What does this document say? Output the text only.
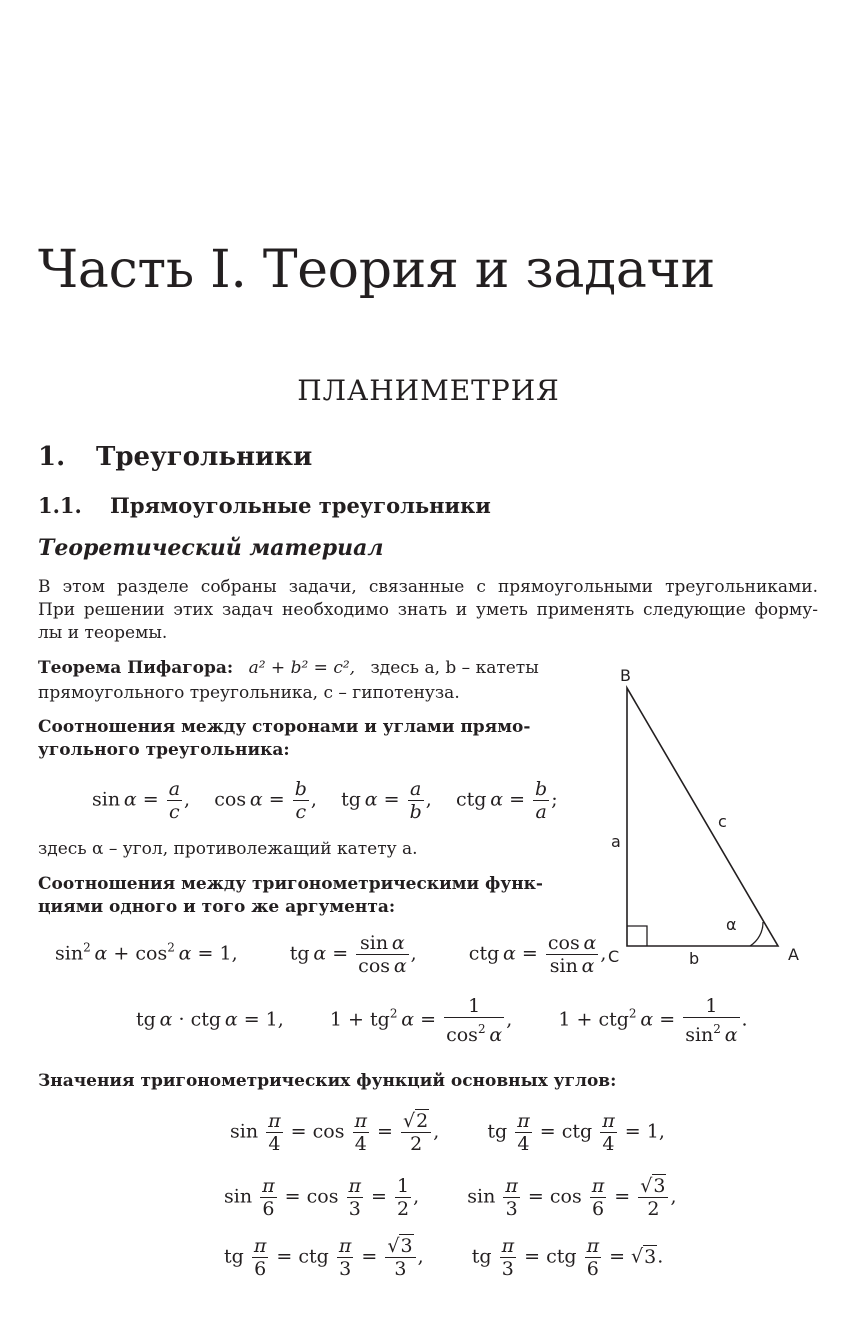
Часть I. Теория и задачи
ПЛАНИМЕТРИЯ
1. Треугольники
1.1. Прямоугольные треугольники
Теоретический материал
В этом разделе собраны задачи, связанные с прямоугольными треугольниками.
При решении этих задач необходимо знать и уметь применять следующие форму-
лы и теоремы.
Теорема Пифагора: a² + b² = c², здесь a, b – катеты
прямоугольного треугольника, c – гипотенуза.
Соотношения между сторонами и углами прямо-
угольного треугольника:
$\sin \alpha = \frac{a}{c}$ ,    $\cos \alpha = \frac{b}{c}$ ,    tg  $\alpha = \frac{a}{b}$ ,    ctg  $\alpha = \frac{b}{a}$ ;
здесь α – угол, противолежащий катету a.
Соотношения между тригонометрическими функ-
циями одного и того же аргумента:
$\sin^2 \alpha + \cos^2 \alpha = 1$,  tg  $\alpha = \frac{\text{sin  α}}{\text{cos  α}}$ ,  ctg  $\alpha = \frac{\text{cos  α}}{\text{sin  α}}$ ,
tg  α · ctg  α = 1,  $1 + tg^2$  $\alpha = \frac{1}{\cos^2 \alpha}$ ,  1 + ctg$^2$  $\alpha = \frac{1}{\sin^2 \alpha}$ .
Значения тригонометрических функций основных углов:
$\sin \frac{\pi}{4} = \cos \frac{\pi}{4} = \frac{√2}{2}$ ,  tg $\frac{\pi}{4}$ = ctg $\frac{\pi}{4} = 1$,
$\sin \frac{\pi}{6} = \cos \frac{\pi}{3} = \frac{1}{2}$ ,  $\sin \frac{\pi}{3} = \cos \frac{\pi}{6} = \frac{√3}{2}$ ,
tg $\frac{\pi}{6}$ = ctg $\frac{\pi}{3} = \frac{√3}{3}$ ,  tg $\frac{\pi}{3}$ = ctg $\frac{\pi}{6} = √3$.
B
C	A
a
b
c
α
